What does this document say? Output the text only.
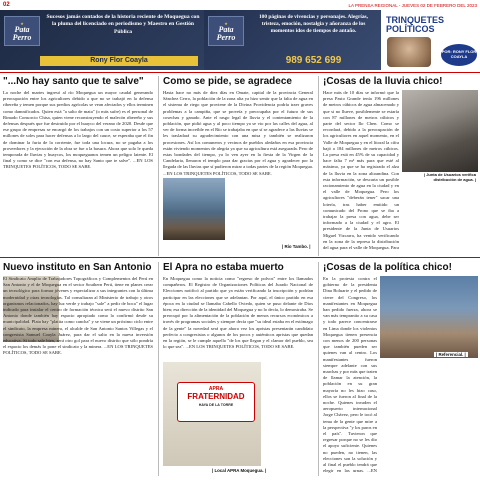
02	LA PRENSA REGIONAL - JUEVES 02 DE FEBRERO DEL 2023
★
Pata
Perro
Sucesos jamás contados de la historia reciente de Moquegua con la pluma del licenciado en periodismo y Maestro en Gestión Pública
Rony Flor Coayla
★
Pata
Perro
100 páginas de vivencias y personajes. Alegrías, tristeza, emoción, nostalgia y añoranza de los momentos idos de tiempos de antaño.
989 652 699
TRINQUETES
POLÍTICOS
POR: RONY FLOR COAYLA
"...No hay santo que te salve"
La noche del martes ingresó al río Moquegua un mayor caudal generando preocupación entre los agricultores debido a que no se trabajó en la defensa ribereña y temen porque sus predios agrícolas se vean afectados y ellos terminen como damnificados. Quien está "a salto de mata" (o más sufre) es el personal de Rimado Consorcio Chisa, quien viene reconstruyendo el malecón ribereño y sus defensas después que fue destruido por el huayco del verano de 2020. Desde que ese grupo de empresas se encargó de los trabajos con un costo superior a los 57 millones de soles para hacer defensas a lo largo del cauce, se esperaba que el fin de dominar la furia de la corriente, fue toda una locura, no se pagaba a los proveedores y la ejecución de la obra se fue a la basura. Ahora que solo le queda temporada de lluvias y huaycos, los moqueguanos temen un peligro latente. El final y como se dice "con esa defensa, no hay Santo que te salve". ...EN LOS TRINQUETES POLÍTICOS, TODO SE SABE.
Como se pide, se agradece
Hasta hace no más de diez días en Omate, capital de la provincia General Sánchez Cerro, la población de la zona alta ya hizo sentir que la falta de agua en el sistema de riego que proviene de la Divina Providencia podría traer graves problemas a la campiña, que se proveía y preocupaba por el futuro de sus cosechas y ganado. Ante el rasgo legal de lluvia y el contentamiento de la población, que pidió agua y al poco tiempo ya se vio por las calles del agua, al ver de forma increíble en el Río se trabajaba en que sí se agradece a las lluvias se les trasladará su agradecimiento con una misa y también se realizaron procesiones. Así los comuneros y vecinos de pueblos aledaños en esa provincia están viviendo momentos de alegría ya que su agricultura está asegurada. Pero de estas bondades del tiempo, ya lo ven ayer en la fiesta de la Virgen de la Candelaria, llenaron el templo para dar gracias por el agua y agradecer por la llegada de las lluvias que sí pudieron mirar a todas partes de la región Moquegua. ...EN LOS TRINQUETES POLÍTICOS, TODO SE SABE.
| Río Tambo. |
¡Cosas de la lluvia chico!
| Junta de Usuarios verifica distribución de agua. |
Hace más de 10 días se informó que la presa Pasto Grande tenía 196 millones de metros cúbicos de agua almacenado y que si no llueve, posiblemente se estaría con 87 millones de metros cúbicos y parte del sector Ilo Chen. Como se recordará, debido a la preocupación de los agricultores en aquel momento, en el Valle de Moquegua y en el litoral la cifra bajó a 184 millones de metros cúbicos. La presa está en 45% de su capacidad y hace falta 7 m³ más para que esté al máximo, ya que se ha registrado el alza de la lluvia en la zona altoandina. Con esta información, se descarta un posible racionamiento de agua en la ciudad y en el valle de Moquegua. Pero los agricultores "deberán tener" sacar una lotería, tras haber emitido un comunicado del Prono que se iba a trabajar la presa con agua, debe ser informado a la ciudad y el agro. El presidente de la Junta de Usuarios Miguel Vizcarra, ha venido verificando en la zona de la represa la distribución del agua para el valle de Moquegua. Para
Nuevo instituto en San Antonio
El Sindicato Amplio de Trabajadores Topográficos y Complementos del Perú en San Antonio y el de Moquegua en el sector Southern Perú, tiene en planes crear un tecnológico para formar jóvenes y especializar a sus integrantes con la última modernidad y otras tecnologías. Tal consultaran al Ministerio de trabajo y otros organismos relacionados, hay luz verde y trabajo "sale" a pedir de boca" el lugar indicado para instalar el centro de formación técnica será el nuevo distrito San Antonio donde también hay espacio apropiado como lo confirmó desde su municipalidad. Plata hay "platita como cancha" y se viene un próximo ciclo entre el sindicato, la empresa minera, el alcalde de San Antonio Santos Villegas y el congresista Samuel Coayla Juárez, para dar el salto en la nueva inversión educativa. Si todo sale bien, será otro gol para el nuevo distrito que sólo pondría el espacio los demás lo pone el sindicato y la minera. ...EN LOS TRINQUETES POLÍTICOS, TODO SE SABE.
El Apra no estaba muerto
En Moquegua como la noticia como "regreso de polvos" entre los llamados compañeros. El Registro de Organizaciones Políticas del Jurado Nacional de Elecciones notificó al partido que ya están verificando la inscripción y podrían participar en las elecciones que se adelantan. Por aquí, el único partido en esa época en la ciudad se llamaba Cabello Oviedo, quien se puso delante de Dios bien; esa dirección de la identidad del Moquegua y no lo decía, lo demostraba. Se preocupó por la alimentación de la población de menos recursos económicos a través de programas sociales y siempre decía que "su ideal estaba en el estómago de la gente" la novedad será que ahora vez los apristas presentarán candidato perfecto a congresistas o algunos de los pocos y auténticos apristas que quedan en la región, se le cumple aquello "de los que llegan y el clamor del pueblo, sea lo que sea". ...EN LOS TRINQUETES POLÍTICOS, TODO SE SABE.
APRA
FRATERNIDAD
HAYA DE LA TORRE
| Local APRA Moquegua. |
¡Cosas de la política chico!
| Referencial. |
En la protesta contra el gobierno de la presidenta Dina Boluarte y el pedido de cierre del Congreso, los manifestantes en Moquegua han pedido fuerza, ahora se van más tempranito a su casa y todo parece concentrarse en Lima donde los violentos Moquegua tienen presencia con menos de 200 personas que también pueden ser quienes van al centro. Los manifestantes fueron siempre adelante con sus marchas y por más que traten de llamar la atención, la población en su gran mayoría no les hizo caso, ellos se fueron al final de la noche. Quienes invaden el aeropuerto internacional Jorge Chávez, pero le tocó al tema de la gente que mire a la perspectiva "y los paros en el país". Tuvieron que regresar porque no se les dio el apoyo suficiente. Quienes no pueden, no tienen, las elecciones son la solución y al final el pueblo tendrá que elegir en las urnas. ...EN
